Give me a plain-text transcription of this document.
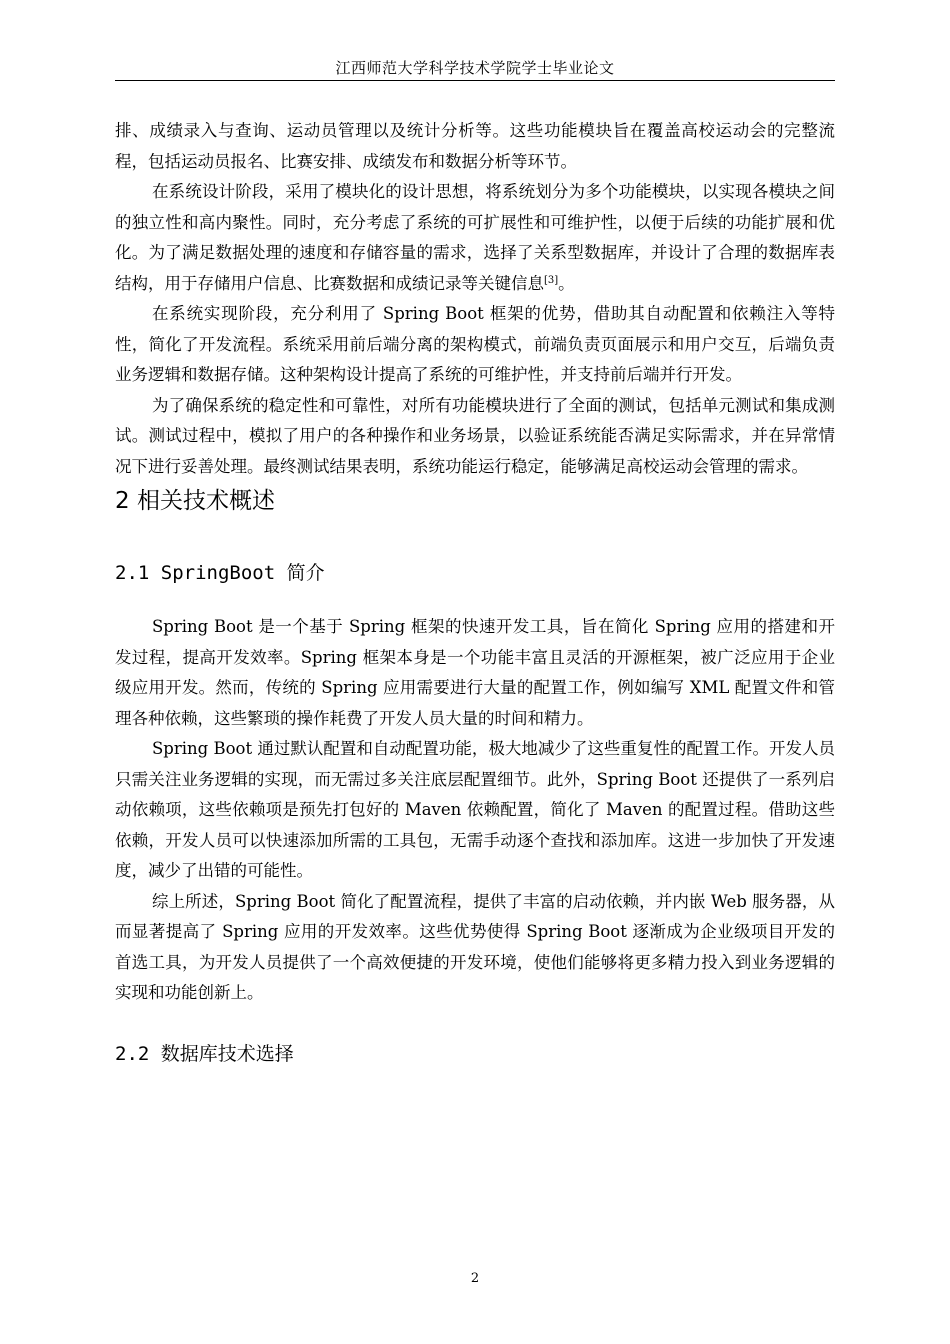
江西师范大学科学技术学院学士毕业论文

排、成绩录入与查询、运动员管理以及统计分析等。这些功能模块旨在覆盖高校运动会的完整流程，包括运动员报名、比赛安排、成绩发布和数据分析等环节。

在系统设计阶段，采用了模块化的设计思想，将系统划分为多个功能模块，以实现各模块之间的独立性和高内聚性。同时，充分考虑了系统的可扩展性和可维护性，以便于后续的功能扩展和优化。为了满足数据处理的速度和存储容量的需求，选择了关系型数据库，并设计了合理的数据库表结构，用于存储用户信息、比赛数据和成绩记录等关键信息[3]。

在系统实现阶段，充分利用了 Spring Boot 框架的优势，借助其自动配置和依赖注入等特性，简化了开发流程。系统采用前后端分离的架构模式，前端负责页面展示和用户交互，后端负责业务逻辑和数据存储。这种架构设计提高了系统的可维护性，并支持前后端并行开发。

为了确保系统的稳定性和可靠性，对所有功能模块进行了全面的测试，包括单元测试和集成测试。测试过程中，模拟了用户的各种操作和业务场景，以验证系统能否满足实际需求，并在异常情况下进行妥善处理。最终测试结果表明，系统功能运行稳定，能够满足高校运动会管理的需求。

2 相关技术概述
2.1 SpringBoot 简介

Spring Boot 是一个基于 Spring 框架的快速开发工具，旨在简化 Spring 应用的搭建和开发过程，提高开发效率。Spring 框架本身是一个功能丰富且灵活的开源框架，被广泛应用于企业级应用开发。然而，传统的 Spring 应用需要进行大量的配置工作，例如编写 XML 配置文件和管理各种依赖，这些繁琐的操作耗费了开发人员大量的时间和精力。

Spring Boot 通过默认配置和自动配置功能，极大地减少了这些重复性的配置工作。开发人员只需关注业务逻辑的实现，而无需过多关注底层配置细节。此外，Spring Boot 还提供了一系列启动依赖项，这些依赖项是预先打包好的 Maven 依赖配置，简化了 Maven 的配置过程。借助这些依赖，开发人员可以快速添加所需的工具包，无需手动逐个查找和添加库。这进一步加快了开发速度，减少了出错的可能性。

综上所述，Spring Boot 简化了配置流程，提供了丰富的启动依赖，并内嵌 Web 服务器，从而显著提高了 Spring 应用的开发效率。这些优势使得 Spring Boot 逐渐成为企业级项目开发的首选工具，为开发人员提供了一个高效便捷的开发环境，使他们能够将更多精力投入到业务逻辑的实现和功能创新上。

2.2 数据库技术选择
2
